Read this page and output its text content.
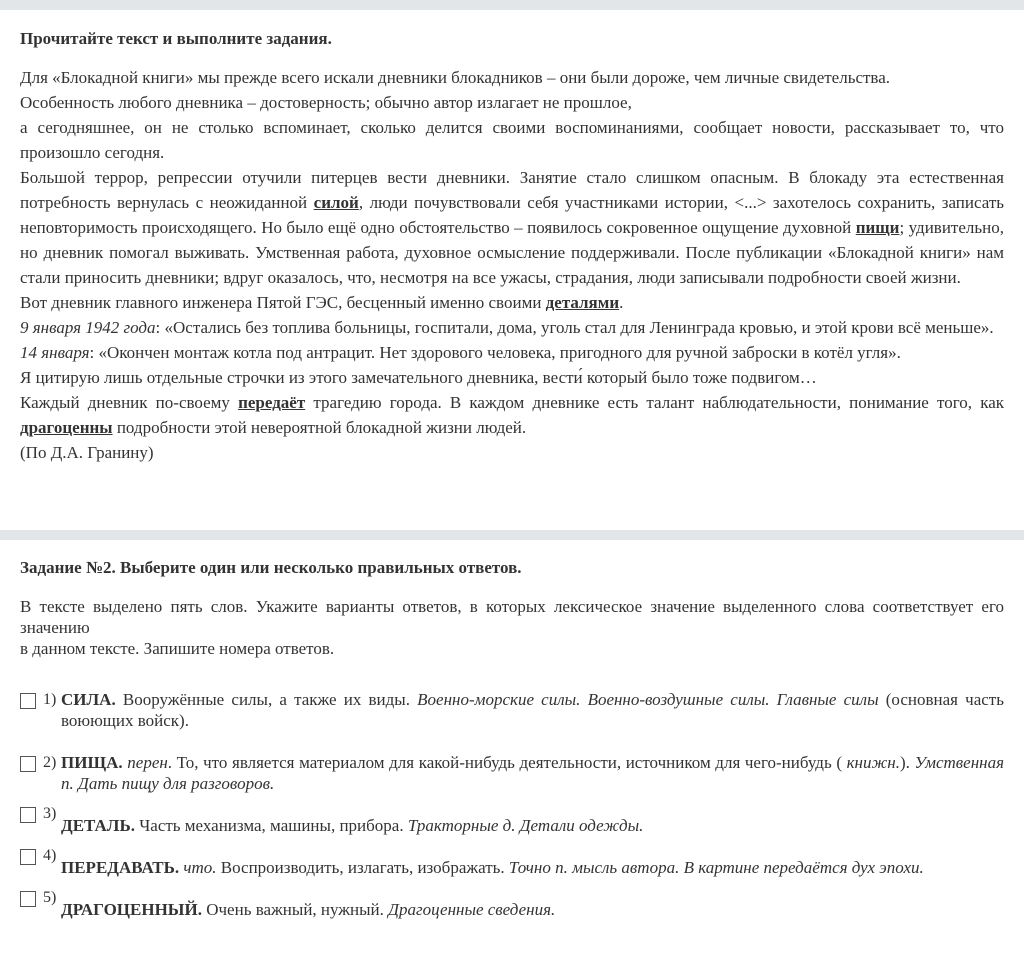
Прочитайте текст и выполните задания.

Для «Блокадной книги» мы прежде всего искали дневники блокадников – они были дороже, чем личные свидетельства.

Особенность любого дневника – достоверность; обычно автор излагает не прошлое,

а сегодняшнее, он не столько вспоминает, сколько делится своими воспоминаниями, сообщает новости, рассказывает то, что произошло сегодня.

Большой террор, репрессии отучили питерцев вести дневники. Занятие стало слишком опасным. В блокаду эта естественная потребность вернулась с неожиданной силой, люди почувствовали себя участниками истории, <...> захотелось сохранить, записать неповторимость происходящего. Но было ещё одно обстоятельство – появилось сокровенное ощущение духовной пищи; удивительно, но дневник помогал выживать. Умственная работа, духовное осмысление поддерживали. После публикации «Блокадной книги» нам стали приносить дневники; вдруг оказалось, что, несмотря на все ужасы, страдания, люди записывали подробности своей жизни.

Вот дневник главного инженера Пятой ГЭС, бесценный именно своими деталями.

9 января 1942 года: «Остались без топлива больницы, госпитали, дома, уголь стал для Ленинграда кровью, и этой крови всё меньше».

14 января: «Окончен монтаж котла под антрацит. Нет здорового человека, пригодного для ручной заброски в котёл угля».

Я цитирую лишь отдельные строчки из этого замечательного дневника, вести́ который было тоже подвигом…

Каждый дневник по-своему передаёт трагедию города. В каждом дневнике есть талант наблюдательности, понимание того, как драгоценны подробности этой невероятной блокадной жизни людей.

(По Д.А. Гранину)

Задание №2. Выберите один или несколько правильных ответов.
В тексте выделено пять слов. Укажите варианты ответов, в которых лексическое значение выделенного слова соответствует его значению
в данном тексте. Запишите номера ответов.
1) СИЛА. Вооружённые силы, а также их виды. Военно-морские силы. Военно-воздушные силы. Главные силы (основная часть воюющих войск).
2) ПИЩА. перен. То, что является материалом для какой-нибудь деятельности, источником для чего-нибудь ( книжн.). Умственная п. Дать пищу для разговоров.
3)
ДЕТАЛЬ. Часть механизма, машины, прибора. Тракторные д. Детали одежды.
4)
ПЕРЕДАВАТЬ. что. Воспроизводить, излагать, изображать. Точно п. мысль автора. В картине передаётся дух эпохи.
5)
ДРАГОЦЕННЫЙ. Очень важный, нужный. Драгоценные сведения.
